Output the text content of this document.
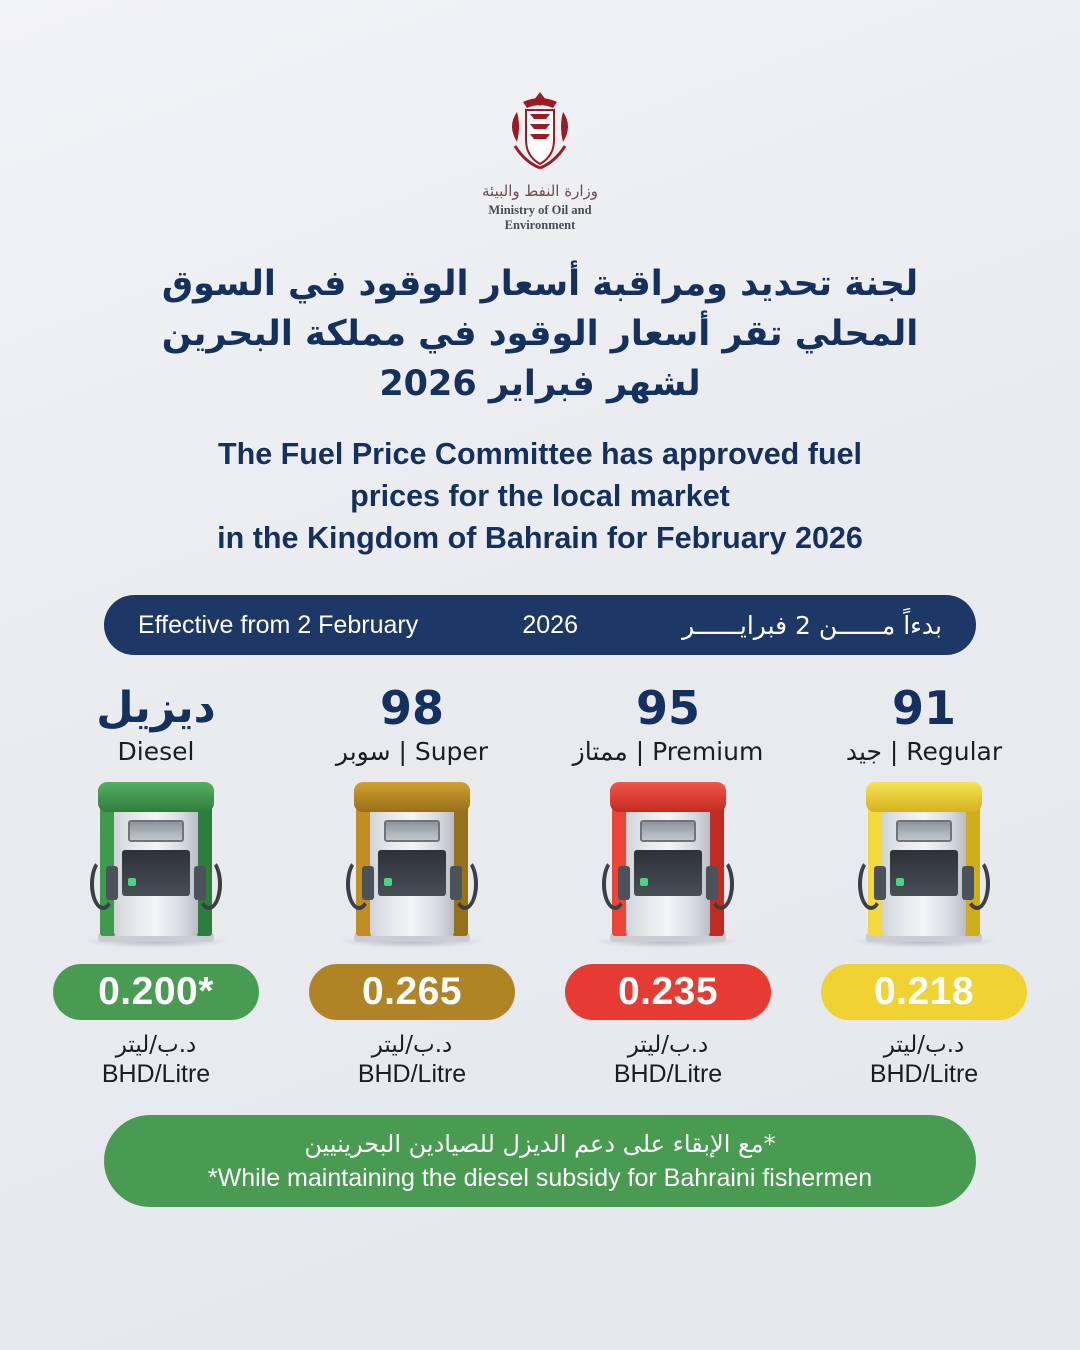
وزارة النفط والبيئة
Ministry of Oil and
Environment
لجنة تحديد ومراقبة أسعار الوقود في السوق المحلي تقر أسعار الوقود في مملكة البحرين لشهر فبراير 2026
The Fuel Price Committee has approved fuel
prices for the local market
in the Kingdom of Bahrain for February 2026
Effective from 2 February	2026	بدءاً مــــــن 2 فبرايــــــر
ديزيل
Diesel
0.200*
د.ب/ليتر
BHD/Litre
98
سوبر | Super
0.265
د.ب/ليتر
BHD/Litre
95
ممتاز | Premium
0.235
د.ب/ليتر
BHD/Litre
91
جيد | Regular
0.218
د.ب/ليتر
BHD/Litre
*مع الإبقاء على دعم الديزل للصيادين البحرينيين
*While maintaining the diesel subsidy for Bahraini fishermen
